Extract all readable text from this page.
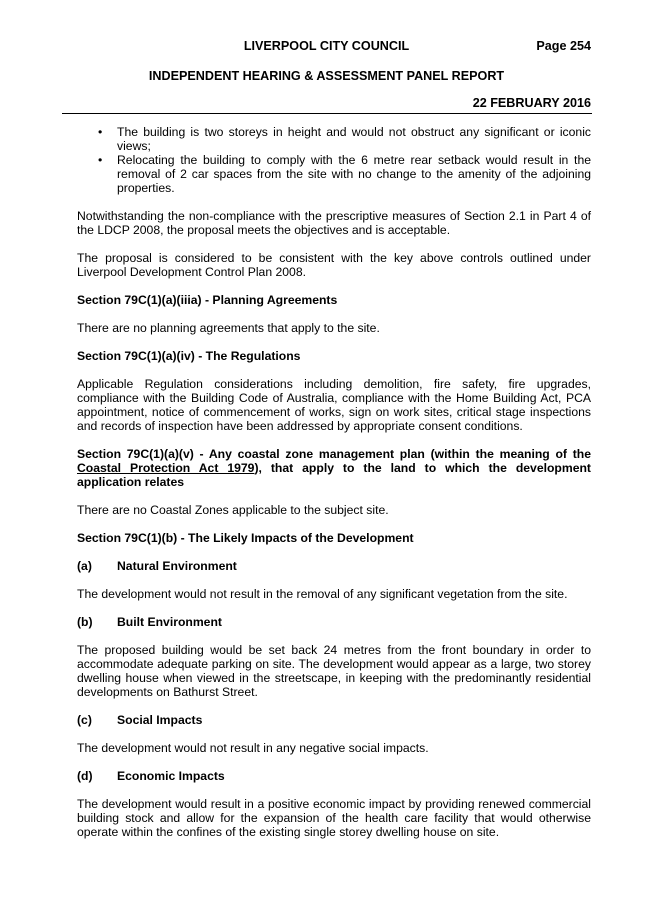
LIVERPOOL CITY COUNCIL	Page 254
INDEPENDENT HEARING & ASSESSMENT PANEL REPORT
22 FEBRUARY 2016
• The building is two storeys in height and would not obstruct any significant or iconic views;
• Relocating the building to comply with the 6 metre rear setback would result in the removal of 2 car spaces from the site with no change to the amenity of the adjoining properties.

Notwithstanding the non-compliance with the prescriptive measures of Section 2.1 in Part 4 of the LDCP 2008, the proposal meets the objectives and is acceptable.

The proposal is considered to be consistent with the key above controls outlined under Liverpool Development Control Plan 2008.

Section 79C(1)(a)(iiia) - Planning Agreements

There are no planning agreements that apply to the site.

Section 79C(1)(a)(iv) - The Regulations

Applicable Regulation considerations including demolition, fire safety, fire upgrades, compliance with the Building Code of Australia, compliance with the Home Building Act, PCA appointment, notice of commencement of works, sign on work sites, critical stage inspections and records of inspection have been addressed by appropriate consent conditions.

Section 79C(1)(a)(v) - Any coastal zone management plan (within the meaning of the Coastal Protection Act 1979), that apply to the land to which the development application relates

There are no Coastal Zones applicable to the subject site.

Section 79C(1)(b) - The Likely Impacts of the Development
(a) Natural Environment

The development would not result in the removal of any significant vegetation from the site.

(b) Built Environment

The proposed building would be set back 24 metres from the front boundary in order to accommodate adequate parking on site. The development would appear as a large, two storey dwelling house when viewed in the streetscape, in keeping with the predominantly residential developments on Bathurst Street.

(c) Social Impacts

The development would not result in any negative social impacts.

(d) Economic Impacts

The development would result in a positive economic impact by providing renewed commercial building stock and allow for the expansion of the health care facility that would otherwise operate within the confines of the existing single storey dwelling house on site.
